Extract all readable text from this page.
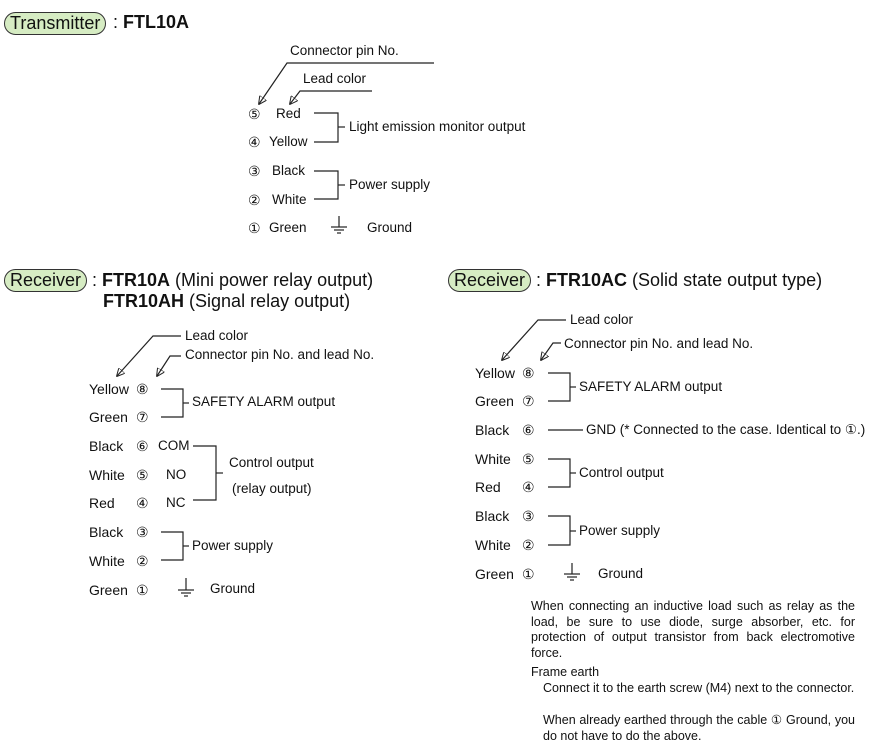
Transmitter : FTL10A
Connector pin No.
Lead color
⑤ Red
④ Yellow
③ Black
② White
① Green
Light emission monitor output
Power supply
Ground
Receiver : FTR10A (Mini power relay output)
FTR10AH (Signal relay output)
Lead color
Connector pin No. and lead No.
Yellow ⑧
Green ⑦
Black ⑥ COM
White ⑤ NO
Red ④ NC
Black ③
White ②
Green ①
SAFETY ALARM output
Control output
(relay output)
Power supply
Ground
Receiver : FTR10AC (Solid state output type)
Lead color
Connector pin No. and lead No.
Yellow ⑧
Green ⑦
Black ⑥
White ⑤
Red ④
Black ③
White ②
Green ①
SAFETY ALARM output
GND (* Connected to the case. Identical to ①.)
Control output
Power supply
Ground
When connecting an inductive load such as relay as the load, be sure to use diode, surge absorber, etc. for protection of output transistor from back electromotive force.
Frame earth
Connect it to the earth screw (M4) next to the connector.
When already earthed through the cable ① Ground, you do not have to do the above.
